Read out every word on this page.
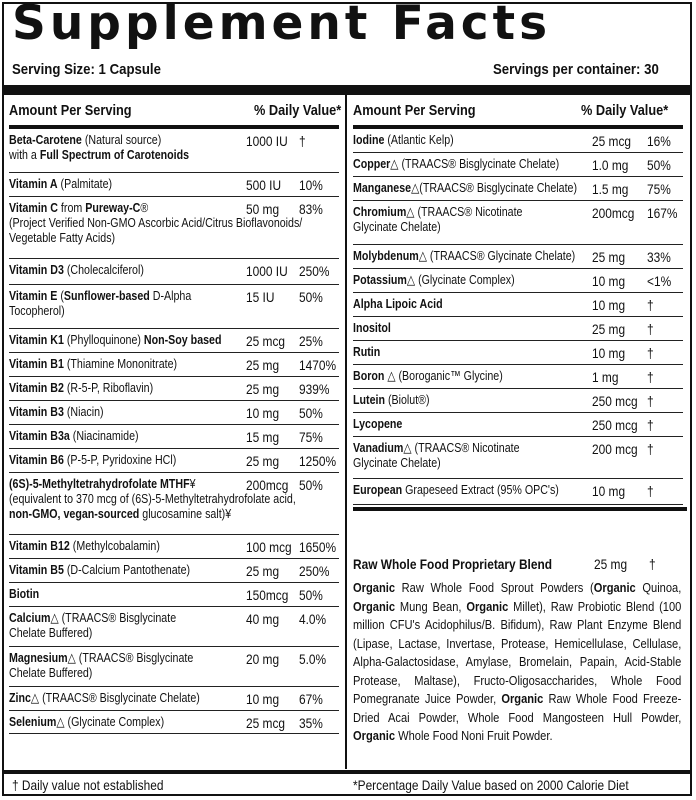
Supplement Facts
Serving Size: 1 Capsule	Servings per container: 30
Amount Per Serving	% Daily Value*
Beta-Carotene (Natural source)
with a Full Spectrum of Carotenoids
1000 IU †
Vitamin A (Palmitate)	500 IU 10%
Vitamin C from Pureway-C®
(Project Verified Non-GMO Ascorbic Acid/Citrus Bioflavonoids/
Vegetable Fatty Acids)
50 mg 83%
Vitamin D3 (Cholecalciferol)	1000 IU 250%
Vitamin E (Sunflower-based D-Alpha
Tocopherol)
15 IU 50%
Vitamin K1 (Phylloquinone) Non-Soy based 25 mcg 25%
Vitamin B1 (Thiamine Mononitrate)	25 mg 1470%
Vitamin B2 (R-5-P, Riboflavin)	25 mg 939%
Vitamin B3 (Niacin)	10 mg 50%
Vitamin B3a (Niacinamide)	15 mg 75%
Vitamin B6 (P-5-P, Pyridoxine HCl)	25 mg 1250%
(6S)-5-Methyltetrahydrofolate MTHF¥
(equivalent to 370 mcg of (6S)-5-Methyltetrahydrofolate acid,
non-GMO, vegan-sourced glucosamine salt)¥
200mcg 50%
Vitamin B12 (Methylcobalamin)	100 mcg 1650%
Vitamin B5 (D-Calcium Pantothenate)	25 mg 250%
Biotin	150mcg 50%
Calcium△ (TRAACS® Bisglycinate
Chelate Buffered)
40 mg 4.0%
Magnesium△ (TRAACS® Bisglycinate
Chelate Buffered)
20 mg 5.0%
Zinc△ (TRAACS® Bisglycinate Chelate)	10 mg 67%
Selenium△ (Glycinate Complex)	25 mcg 35%
Amount Per Serving	% Daily Value*
Iodine (Atlantic Kelp)	25 mcg 16%
Copper△ (TRAACS® Bisglycinate Chelate) 1.0 mg 50%
Manganese△(TRAACS® Bisglycinate Chelate) 1.5 mg 75%
Chromium△ (TRAACS® Nicotinate
Glycinate Chelate)
200mcg 167%
Molybdenum△ (TRAACS® Glycinate Chelate) 25 mg 33%
Potassium△ (Glycinate Complex)	10 mg <1%
Alpha Lipoic Acid	10 mg †
Inositol	25 mg †
Rutin	10 mg †
Boron △ (Boroganic™ Glycine)	1 mg †
Lutein (Biolut®)	250 mcg †
Lycopene	250 mcg †
Vanadium△ (TRAACS® Nicotinate
Glycinate Chelate)
200 mcg †
European Grapeseed Extract (95% OPC's) 10 mg †
Raw Whole Food Proprietary Blend	25 mg †
Organic Raw Whole Food Sprout Powders (Organic Quinoa, Organic Mung Bean, Organic Millet), Raw Probiotic Blend (100 million CFU's Acidophilus/B. Bifidum), Raw Plant Enzyme Blend (Lipase, Lactase, Invertase, Protease, Hemicellulase, Cellulase, Alpha-Galactosidase, Amylase, Bromelain, Papain, Acid-Stable Protease, Maltase), Fructo-Oligosaccharides, Whole Food Pomegranate Juice Powder, Organic Raw Whole Food Freeze-Dried Acai Powder, Whole Food Mangosteen Hull Powder, Organic Whole Food Noni Fruit Powder.
† Daily value not established	*Percentage Daily Value based on 2000 Calorie Diet
